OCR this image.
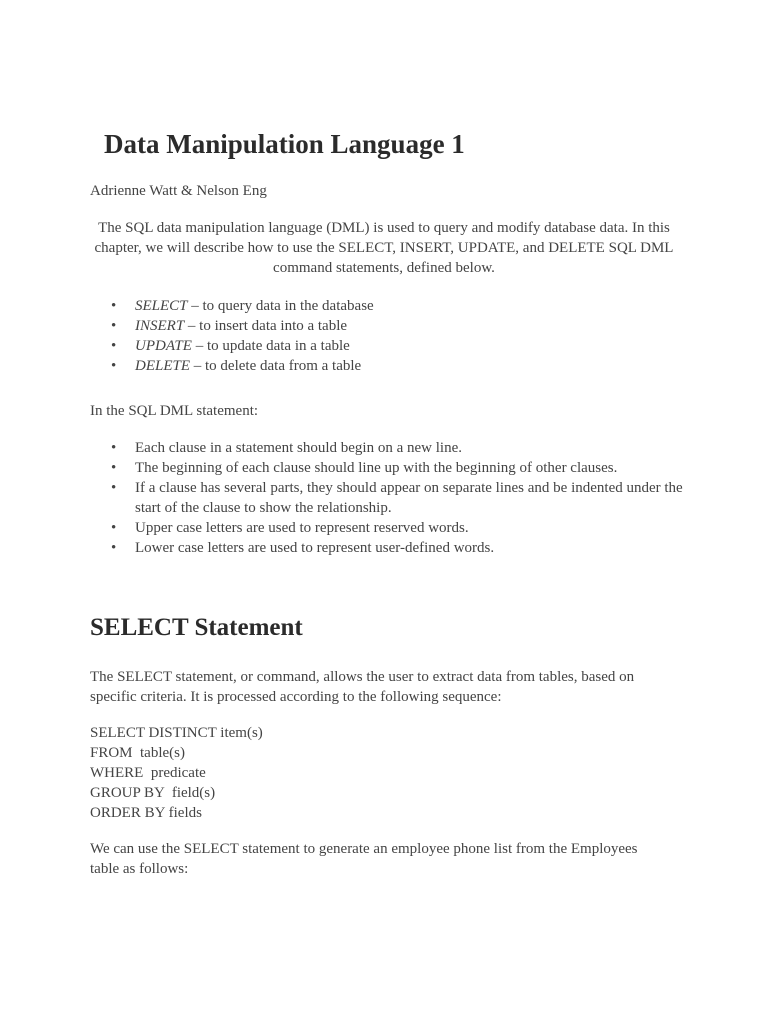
Data Manipulation Language 1
Adrienne Watt & Nelson Eng

The SQL data manipulation language (DML) is used to query and modify database data. In this chapter, we will describe how to use the SELECT, INSERT, UPDATE, and DELETE SQL DML command statements, defined below.

• SELECT – to query data in the database
• INSERT – to insert data into a table
• UPDATE – to update data in a table
• DELETE – to delete data from a table

In the SQL DML statement:

• Each clause in a statement should begin on a new line.
• The beginning of each clause should line up with the beginning of other clauses.
• If a clause has several parts, they should appear on separate lines and be indented under the start of the clause to show the relationship.
• Upper case letters are used to represent reserved words.
• Lower case letters are used to represent user-defined words.
SELECT Statement

The SELECT statement, or command, allows the user to extract data from tables, based on specific criteria. It is processed according to the following sequence:

SELECT DISTINCT item(s)
FROM  table(s)
WHERE  predicate
GROUP BY  field(s)
ORDER BY fields

We can use the SELECT statement to generate an employee phone list from the Employees table as follows:
